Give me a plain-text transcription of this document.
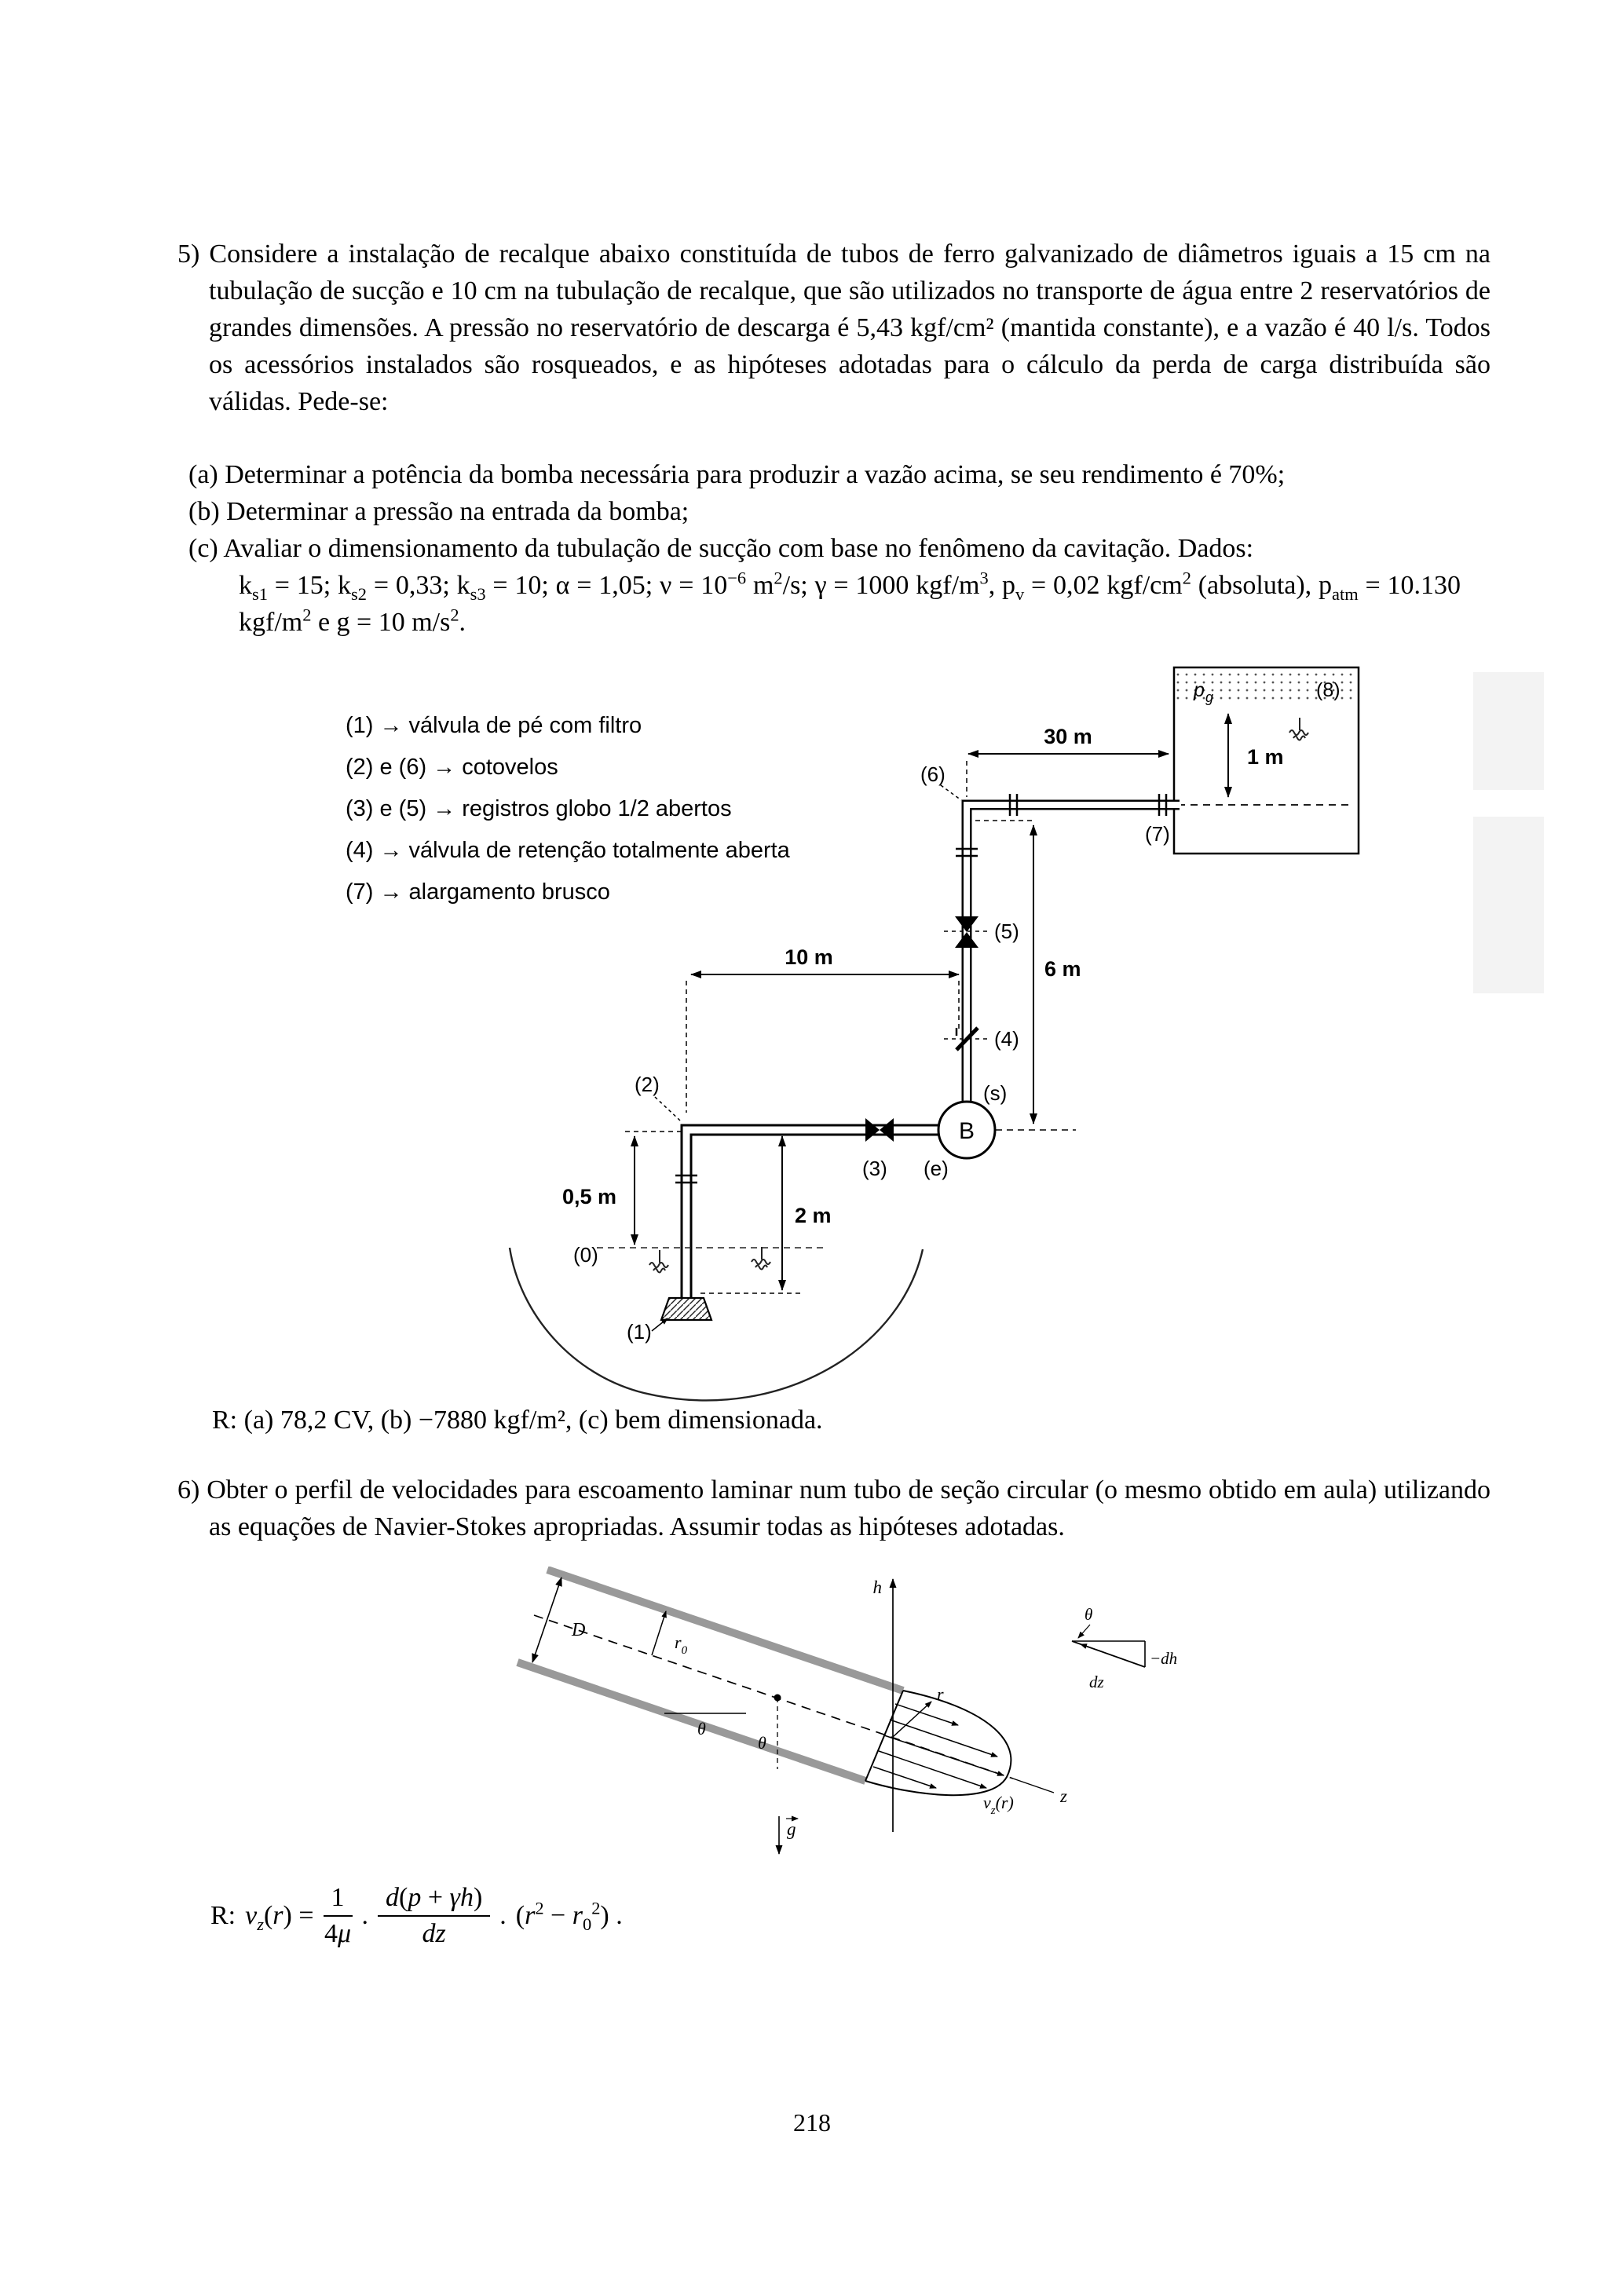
5) Considere a instalação de recalque abaixo constituída de tubos de ferro galvanizado de diâmetros iguais a 15 cm na tubulação de sucção e 10 cm na tubulação de recalque, que são utilizados no transporte de água entre 2 reservatórios de grandes dimensões. A pressão no reservatório de descarga é 5,43 kgf/cm² (mantida constante), e a vazão é 40 l/s. Todos os acessórios instalados são rosqueados, e as hipóteses adotadas para o cálculo da perda de carga distribuída são válidas. Pede-se:
(a) Determinar a potência da bomba necessária para produzir a vazão acima, se seu rendimento é 70%;
(b) Determinar a pressão na entrada da bomba;
(c) Avaliar o dimensionamento da tubulação de sucção com base no fenômeno da cavitação. Dados:
$k_{s1} = 15$; $k_{s2} = 0,33$; $k_{s3} = 10$; α = 1,05; $\nu = 10^{-6}$ $m^2/s$; γ = 1000 kgf/$m^3$, $p_v = 0,02$ kgf/$cm^2$ (absoluta), $p_{atm} = 10.130$ kgf/$m^2$ e g = 10 $m/s^2$.
(1) → válvula de pé com filtro
(2) e (6) → cotovelos
(3) e (5) → registros globo 1/2 abertos
(4) → válvula de retenção totalmente aberta
(7) → alargamento brusco
p g	(8)
1 m
30 m
6 m
10 m
0,5 m
2 m
B
(6)
(7)
(5)
(4)
(s)
(2)
(3) (e)
(0)
(1)
R: (a) 78,2 CV, (b) −7880 kgf/m², (c) bem dimensionada.
6) Obter o perfil de velocidades para escoamento laminar num tubo de seção circular (o mesmo obtido em aula) utilizando as equações de Navier-Stokes apropriadas. Assumir todas as hipóteses adotadas.
D
z
$r_0$
θ
θ
g
h
r
$v_z(r)$
θ
dz
−dh
R: $v_z(r) = \frac{1}{4\mu}$ . $\frac{d(p + \gamma h)}{dz}$ . $(r^2 - r_0^2)$ .
218
